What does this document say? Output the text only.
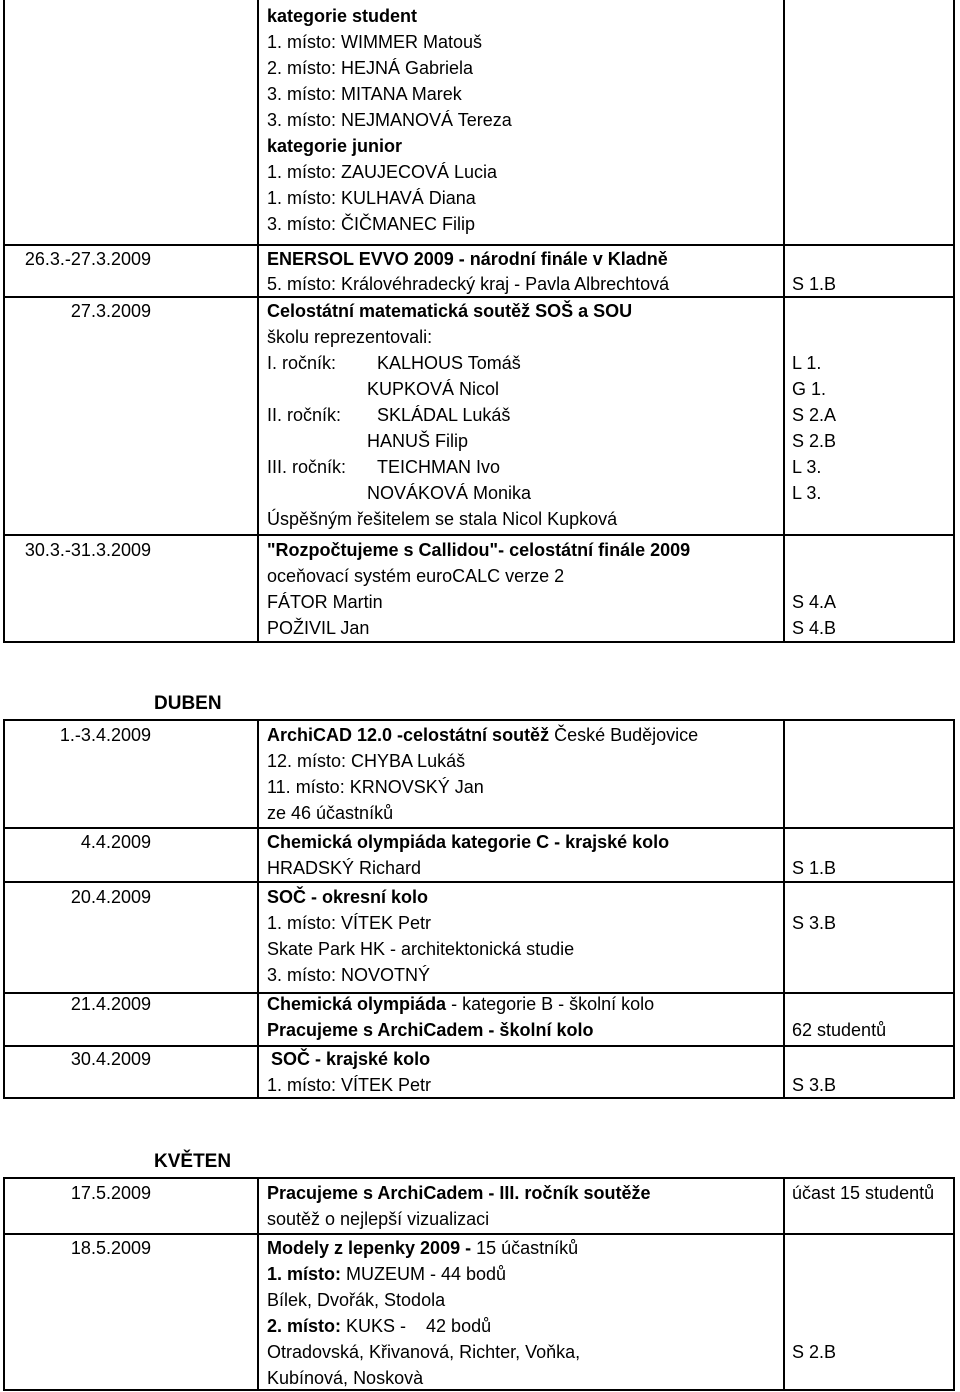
kategorie student
1. místo: WIMMER Matouš
2. místo: HEJNÁ Gabriela
3. místo: MITANA Marek
3. místo: NEJMANOVÁ Tereza
kategorie junior
1. místo: ZAUJECOVÁ Lucia
1. místo: KULHAVÁ Diana
3. místo: ČIČMANEC Filip
26.3.-27.3.2009	ENERSOL EVVO 2009 - národní finále v Kladně
5. místo: Královéhradecký kraj - Pavla Albrechtová	S 1.B
27.3.2009	Celostátní matematická soutěž SOŠ a SOU
školu reprezentovali:
I. ročník: KALHOUS Tomáš	L 1.
KUPKOVÁ Nicol	G 1.
II. ročník: SKLÁDAL Lukáš	S 2.A
HANUŠ Filip	S 2.B
III. ročník: TEICHMAN Ivo	L 3.
NOVÁKOVÁ Monika	L 3.
Úspěšným řešitelem se stala Nicol Kupková
30.3.-31.3.2009	"Rozpočtujeme s Callidou"- celostátní finále 2009
oceňovací systém euroCALC verze 2
FÁTOR Martin	S 4.A
POŽIVIL Jan	S 4.B
DUBEN
1.-3.4.2009	ArchiCAD 12.0 -celostátní soutěž České Budějovice
12. místo: CHYBA Lukáš
11. místo: KRNOVSKÝ Jan
ze 46 účastníků
4.4.2009	Chemická olympiáda kategorie C - krajské kolo
HRADSKÝ Richard	S 1.B
20.4.2009	SOČ - okresní kolo
1. místo: VÍTEK Petr	S 3.B
Skate Park HK - architektonická studie
3. místo: NOVOTNÝ
21.4.2009	Chemická olympiáda - kategorie B - školní kolo
Pracujeme s ArchiCadem - školní kolo	62 studentů
30.4.2009	SOČ - krajské kolo
1. místo: VÍTEK Petr	S 3.B
KVĚTEN
17.5.2009	Pracujeme s ArchiCadem - III. ročník soutěže	účast 15 studentů
soutěž o nejlepší vizualizaci
18.5.2009	Modely z lepenky 2009 - 15 účastníků
1. místo: MUZEUM - 44 bodů
Bílek, Dvořák, Stodola
2. místo: KUKS -    42 bodů
Otradovská, Křivanová, Richter, Voňka,	S 2.B
Kubínová, Noskovà
